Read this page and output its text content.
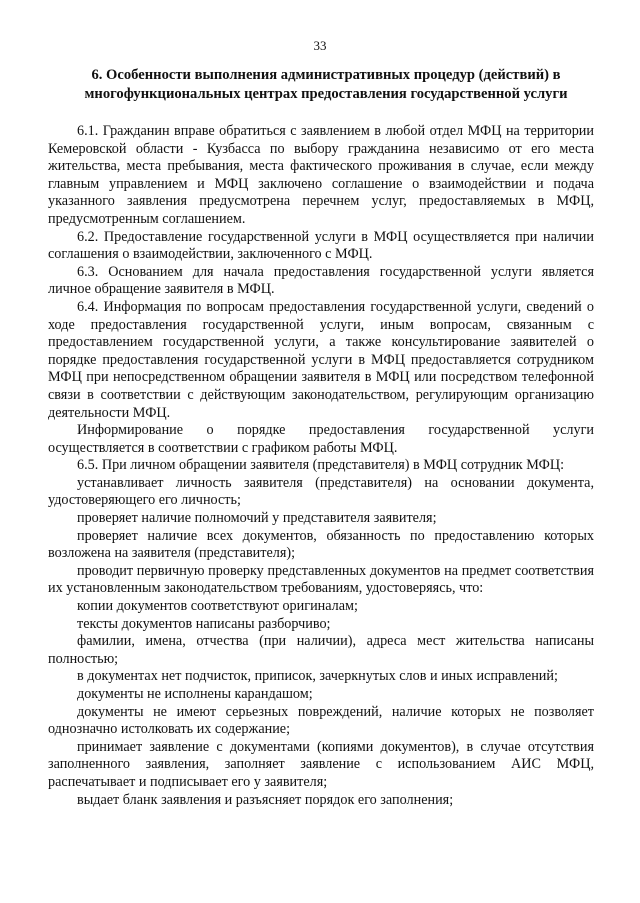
33
6. Особенности выполнения административных процедур (действий) в многофункциональных центрах предоставления государственной услуги

6.1. Гражданин вправе обратиться с заявлением в любой отдел МФЦ на территории Кемеровской области - Кузбасса по выбору гражданина независимо от его места жительства, места пребывания, места фактического проживания в случае, если между главным управлением и МФЦ заключено соглашение о взаимодействии и подача указанного заявления предусмотрена перечнем услуг, предоставляемых в МФЦ, предусмотренным соглашением.

6.2. Предоставление государственной услуги в МФЦ осуществляется при наличии соглашения о взаимодействии, заключенного с МФЦ.

6.3. Основанием для начала предоставления государственной услуги является личное обращение заявителя в МФЦ.

6.4. Информация по вопросам предоставления государственной услуги, сведений о ходе предоставления государственной услуги, иным вопросам, связанным с предоставлением государственной услуги, а также консультирование заявителей о порядке предоставления государственной услуги в МФЦ предоставляется сотрудником МФЦ при непосредственном обращении заявителя в МФЦ или посредством телефонной связи в соответствии с действующим законодательством, регулирующим организацию деятельности МФЦ.

Информирование о порядке предоставления государственной услуги осуществляется в соответствии с графиком работы МФЦ.

6.5. При личном обращении заявителя (представителя) в МФЦ сотрудник МФЦ:

устанавливает личность заявителя (представителя) на основании документа, удостоверяющего его личность;

проверяет наличие полномочий у представителя заявителя;

проверяет наличие всех документов, обязанность по предоставлению которых возложена на заявителя (представителя);

проводит первичную проверку представленных документов на предмет соответствия их установленным законодательством требованиям, удостоверяясь, что:

копии документов соответствуют оригиналам;

тексты документов написаны разборчиво;

фамилии, имена, отчества (при наличии), адреса мест жительства написаны полностью;

в документах нет подчисток, приписок, зачеркнутых слов и иных исправлений;

документы не исполнены карандашом;

документы не имеют серьезных повреждений, наличие которых не позволяет однозначно истолковать их содержание;

принимает заявление с документами (копиями документов), в случае отсутствия заполненного заявления, заполняет заявление с использованием АИС МФЦ, распечатывает и подписывает его у заявителя;

выдает бланк заявления и разъясняет порядок его заполнения;
